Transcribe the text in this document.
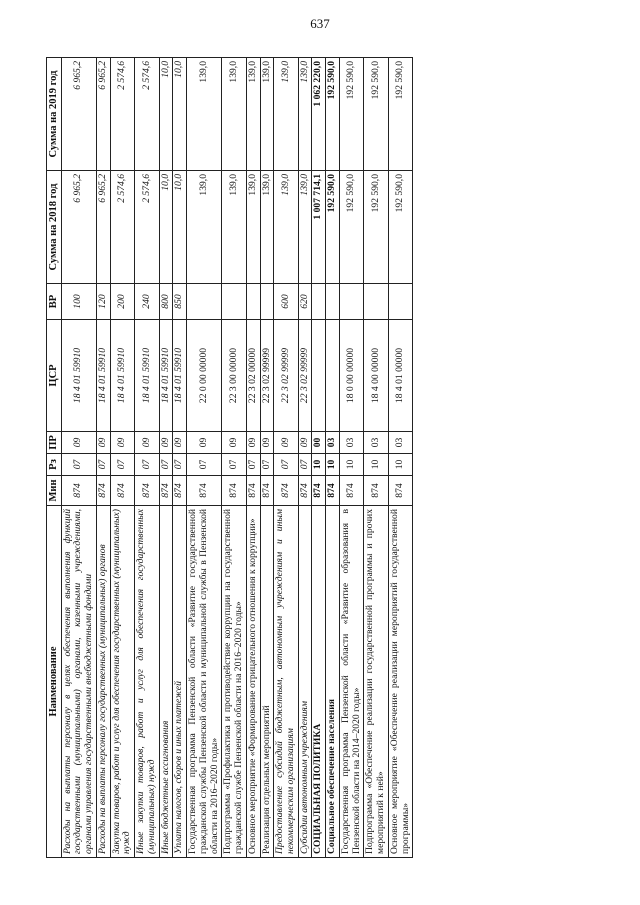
637
Наименование	Мин	Рз	ПР	ЦСР	ВР	Сумма на 2018 год	Сумма на 2019 год
Расходы на выплаты персоналу в целях обеспечения выполнения функций государственными (муниципальными) органами, казенными учреждениями, органами управления государственными внебюджетными фондами	874	07	09	18 4 01 59910	100	6 965,2	6 965,2
Расходы на выплаты персоналу государственных (муниципальных) органов	874	07	09	18 4 01 59910	120	6 965,2	6 965,2
Закупка товаров, работ и услуг для обеспечения государственных (муниципальных) нужд	874	07	09	18 4 01 59910	200	2 574,6	2 574,6
Иные закупки товаров, работ и услуг для обеспечения государственных (муниципальных) нужд	874	07	09	18 4 01 59910	240	2 574,6	2 574,6
Иные бюджетные ассигнования	874	07	09	18 4 01 59910	800	10,0	10,0
Уплата налогов, сборов и иных платежей	874	07	09	18 4 01 59910	850	10,0	10,0
Государственная программа Пензенской области «Развитие государственной гражданской службы Пензенской области и муниципальной службы в Пензенской области на 2016–2020 годы»	874	07	09	22 0 00 00000		139,0	139,0
Подпрограмма «Профилактика и противодействие коррупции на государственной гражданской службе Пензенской области на 2016–2020 годы»	874	07	09	22 3 00 00000		139,0	139,0
Основное мероприятие «Формирование отрицательного отношения к коррупции»	874	07	09	22 3 02 00000		139,0	139,0
Реализация отдельных мероприятий	874	07	09	22 3 02 99999		139,0	139,0
Предоставление субсидий бюджетным, автономным учреждениям и иным некоммерческим организациям	874	07	09	22 3 02 99999	600	139,0	139,0
Субсидии автономным учреждениям	874	07	09	22 3 02 99999	620	139,0	139,0
СОЦИАЛЬНАЯ ПОЛИТИКА	874	10	00			1 007 714,1	1 062 220,0
Социальное обеспечение населения	874	10	03			192 590,0	192 590,0
Государственная программа Пензенской области «Развитие образования в Пензенской области на 2014–2020 годы»	874	10	03	18 0 00 00000		192 590,0	192 590,0
Подпрограмма «Обеспечение реализации государственной программы и прочих мероприятий к ней»	874	10	03	18 4 00 00000		192 590,0	192 590,0
Основное мероприятие «Обеспечение реализации мероприятий государственной программы»	874	10	03	18 4 01 00000		192 590,0	192 590,0
